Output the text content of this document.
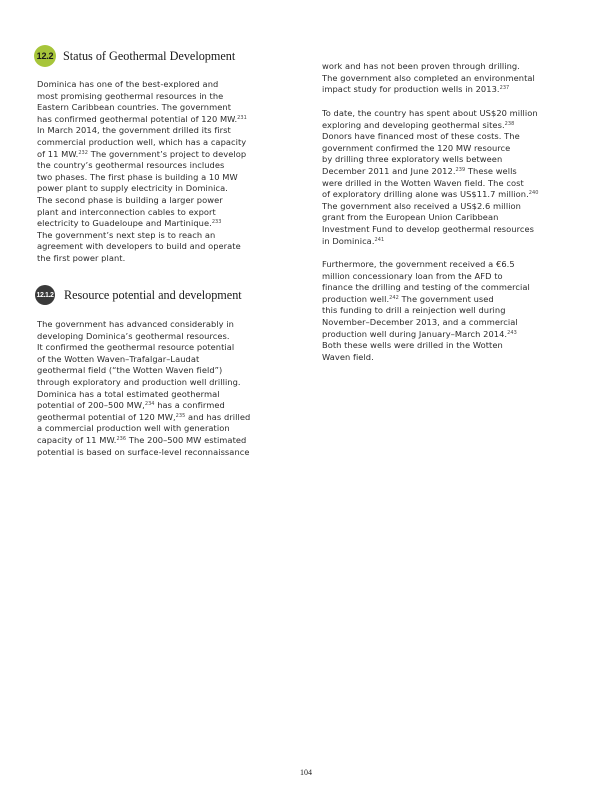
12.2 Status of Geothermal Development

Dominica has one of the best-explored and
most promising geothermal resources in the
Eastern Caribbean countries. The government
has confirmed geothermal potential of 120 MW.$^{231}$
In March 2014, the government drilled its first
commercial production well, which has a capacity
of 11 MW.$^{232}$ The government’s project to develop
the country’s geothermal resources includes
two phases. The first phase is building a 10 MW
power plant to supply electricity in Dominica.
The second phase is building a larger power
plant and interconnection cables to export
electricity to Guadeloupe and Martinique.$^{233}$
The government’s next step is to reach an
agreement with developers to build and operate
the first power plant.

12.1.2 Resource potential and development

The government has advanced considerably in
developing Dominica’s geothermal resources.
It confirmed the geothermal resource potential
of the Wotten Waven–Trafalgar–Laudat
geothermal field (“the Wotten Waven field”)
through exploratory and production well drilling.
Dominica has a total estimated geothermal
potential of 200–500 MW,$^{234}$ has a confirmed
geothermal potential of 120 MW,$^{235}$ and has drilled
a commercial production well with generation
capacity of 11 MW.$^{236}$ The 200–500 MW estimated
potential is based on surface-level reconnaissance

work and has not been proven through drilling.
The government also completed an environmental
impact study for production wells in 2013.$^{237}$

To date, the country has spent about US$20 million
exploring and developing geothermal sites.$^{238}$
Donors have financed most of these costs. The
government confirmed the 120 MW resource
by drilling three exploratory wells between
December 2011 and June 2012.$^{239}$ These wells
were drilled in the Wotten Waven field. The cost
of exploratory drilling alone was US$11.7 million.$^{240}$
The government also received a US$2.6 million
grant from the European Union Caribbean
Investment Fund to develop geothermal resources
in Dominica.$^{241}$

Furthermore, the government received a €6.5
million concessionary loan from the AFD to
finance the drilling and testing of the commercial
production well.$^{242}$ The government used
this funding to drill a reinjection well during
November–December 2013, and a commercial
production well during January–March 2014.$^{243}$
Both these wells were drilled in the Wotten
Waven field.

104
